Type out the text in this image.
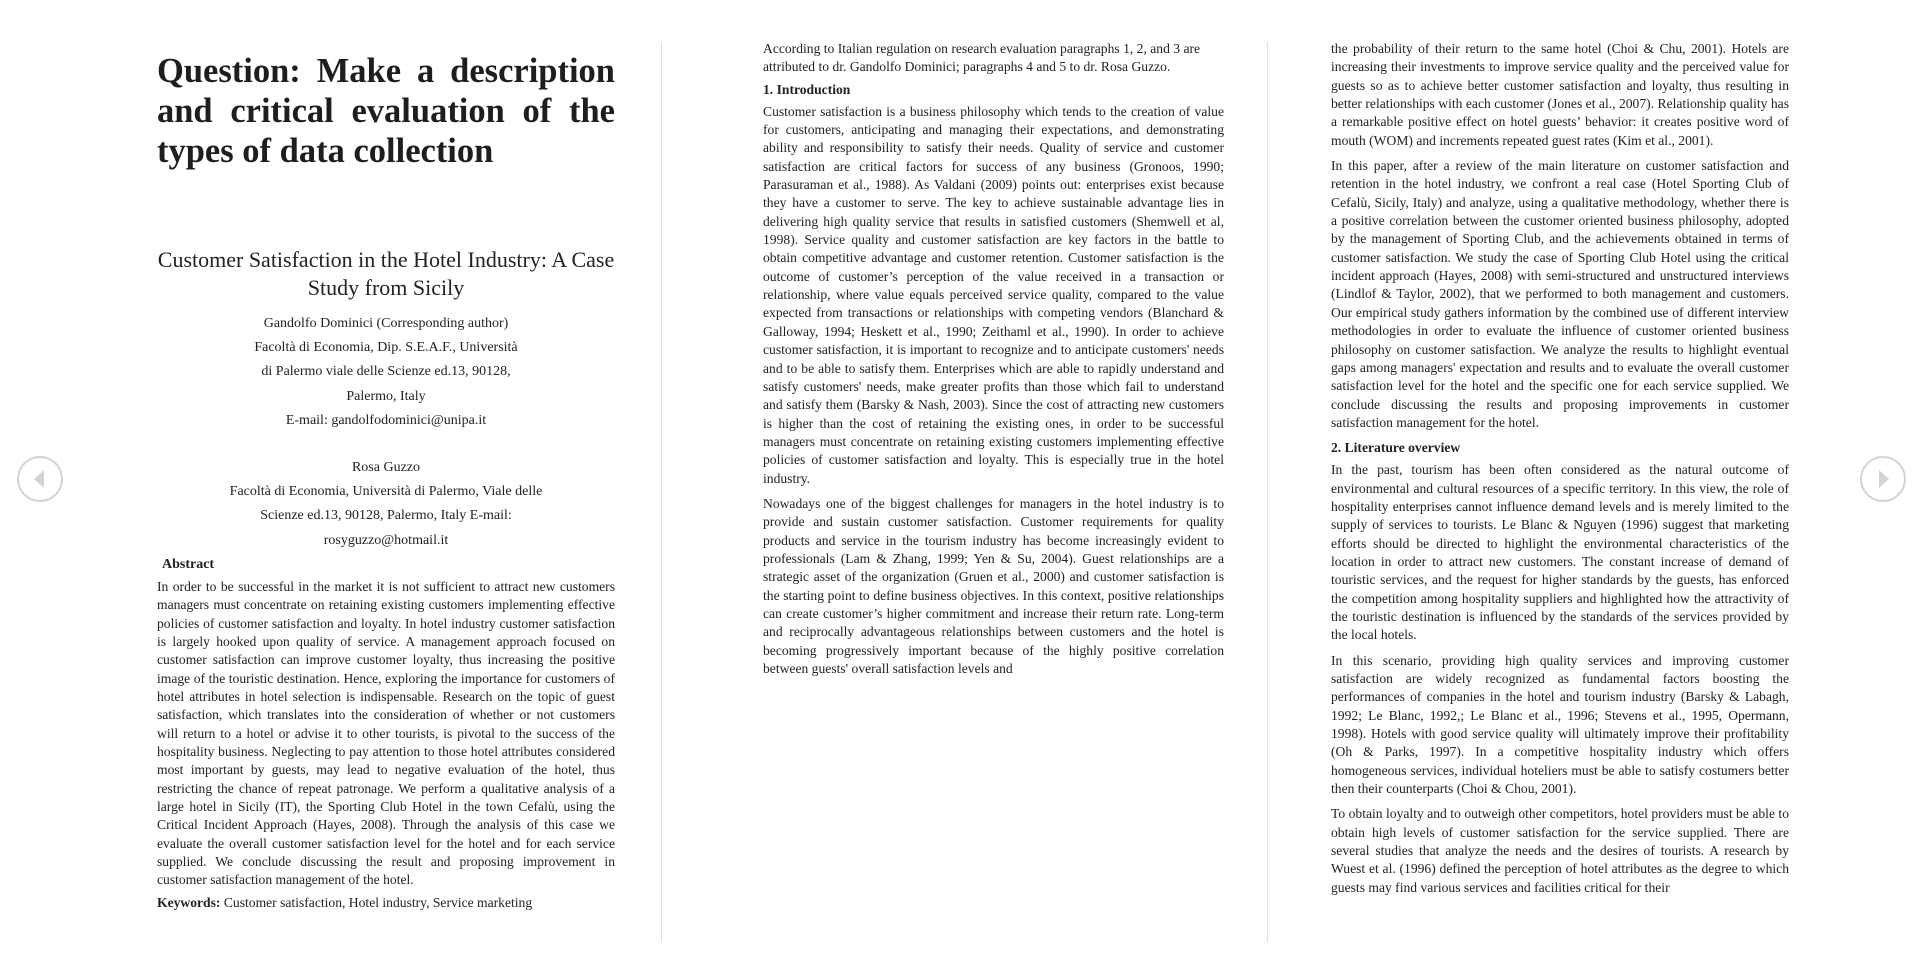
Question: Make a description and critical evaluation of the types of data collection
Customer Satisfaction in the Hotel Industry: A Case Study from Sicily
Gandolfo Dominici (Corresponding author)
Facoltà di Economia, Dip. S.E.A.F., Università
di Palermo viale delle Scienze ed.13, 90128,
Palermo, Italy
E-mail: gandolfodominici@unipa.it
Rosa Guzzo
Facoltà di Economia, Università di Palermo, Viale delle
Scienze ed.13, 90128, Palermo, Italy E-mail:
rosyguzzo@hotmail.it
Abstract

In order to be successful in the market it is not sufficient to attract new customers managers must concentrate on retaining existing customers implementing effective policies of customer satisfaction and loyalty. In hotel industry customer satisfaction is largely hooked upon quality of service. A management approach focused on customer satisfaction can improve customer loyalty, thus increasing the positive image of the touristic destination. Hence, exploring the importance for customers of hotel attributes in hotel selection is indispensable. Research on the topic of guest satisfaction, which translates into the consideration of whether or not customers will return to a hotel or advise it to other tourists, is pivotal to the success of the hospitality business. Neglecting to pay attention to those hotel attributes considered most important by guests, may lead to negative evaluation of the hotel, thus restricting the chance of repeat patronage. We perform a qualitative analysis of a large hotel in Sicily (IT), the Sporting Club Hotel in the town Cefalù, using the Critical Incident Approach (Hayes, 2008). Through the analysis of this case we evaluate the overall customer satisfaction level for the hotel and for each service supplied. We conclude discussing the result and proposing improvement in customer satisfaction management of the hotel.

Keywords: Customer satisfaction, Hotel industry, Service marketing

According to Italian regulation on research evaluation paragraphs 1, 2, and 3 are attributed to dr. Gandolfo Dominici; paragraphs 4 and 5 to dr. Rosa Guzzo.

1. Introduction

Customer satisfaction is a business philosophy which tends to the creation of value for customers, anticipating and managing their expectations, and demonstrating ability and responsibility to satisfy their needs. Quality of service and customer satisfaction are critical factors for success of any business (Gronoos, 1990; Parasuraman et al., 1988). As Valdani (2009) points out: enterprises exist because they have a customer to serve. The key to achieve sustainable advantage lies in delivering high quality service that results in satisfied customers (Shemwell et al, 1998). Service quality and customer satisfaction are key factors in the battle to obtain competitive advantage and customer retention. Customer satisfaction is the outcome of customer’s perception of the value received in a transaction or relationship, where value equals perceived service quality, compared to the value expected from transactions or relationships with competing vendors (Blanchard & Galloway, 1994; Heskett et al., 1990; Zeithaml et al., 1990). In order to achieve customer satisfaction, it is important to recognize and to anticipate customers' needs and to be able to satisfy them. Enterprises which are able to rapidly understand and satisfy customers' needs, make greater profits than those which fail to understand and satisfy them (Barsky & Nash, 2003). Since the cost of attracting new customers is higher than the cost of retaining the existing ones, in order to be successful managers must concentrate on retaining existing customers implementing effective policies of customer satisfaction and loyalty. This is especially true in the hotel industry.

Nowadays one of the biggest challenges for managers in the hotel industry is to provide and sustain customer satisfaction. Customer requirements for quality products and service in the tourism industry has become increasingly evident to professionals (Lam & Zhang, 1999; Yen & Su, 2004). Guest relationships are a strategic asset of the organization (Gruen et al., 2000) and customer satisfaction is the starting point to define business objectives. In this context, positive relationships can create customer’s higher commitment and increase their return rate. Long-term and reciprocally advantageous relationships between customers and the hotel is becoming progressively important because of the highly positive correlation between guests' overall satisfaction levels and

the probability of their return to the same hotel (Choi & Chu, 2001). Hotels are increasing their investments to improve service quality and the perceived value for guests so as to achieve better customer satisfaction and loyalty, thus resulting in better relationships with each customer (Jones et al., 2007). Relationship quality has a remarkable positive effect on hotel guests’ behavior: it creates positive word of mouth (WOM) and increments repeated guest rates (Kim et al., 2001).

In this paper, after a review of the main literature on customer satisfaction and retention in the hotel industry, we confront a real case (Hotel Sporting Club of Cefalù, Sicily, Italy) and analyze, using a qualitative methodology, whether there is a positive correlation between the customer oriented business philosophy, adopted by the management of Sporting Club, and the achievements obtained in terms of customer satisfaction. We study the case of Sporting Club Hotel using the critical incident approach (Hayes, 2008) with semi-structured and unstructured interviews (Lindlof & Taylor, 2002), that we performed to both management and customers. Our empirical study gathers information by the combined use of different interview methodologies in order to evaluate the influence of customer oriented business philosophy on customer satisfaction. We analyze the results to highlight eventual gaps among managers' expectation and results and to evaluate the overall customer satisfaction level for the hotel and the specific one for each service supplied. We conclude discussing the results and proposing improvements in customer satisfaction management for the hotel.

2. Literature overview

In the past, tourism has been often considered as the natural outcome of environmental and cultural resources of a specific territory. In this view, the role of hospitality enterprises cannot influence demand levels and is merely limited to the supply of services to tourists. Le Blanc & Nguyen (1996) suggest that marketing efforts should be directed to highlight the environmental characteristics of the location in order to attract new customers. The constant increase of demand of touristic services, and the request for higher standards by the guests, has enforced the competition among hospitality suppliers and highlighted how the attractivity of the touristic destination is influenced by the standards of the services provided by the local hotels.

In this scenario, providing high quality services and improving customer satisfaction are widely recognized as fundamental factors boosting the performances of companies in the hotel and tourism industry (Barsky & Labagh, 1992; Le Blanc, 1992,; Le Blanc et al., 1996; Stevens et al., 1995, Opermann, 1998). Hotels with good service quality will ultimately improve their profitability (Oh & Parks, 1997). In a competitive hospitality industry which offers homogeneous services, individual hoteliers must be able to satisfy costumers better then their counterparts (Choi & Chou, 2001).

To obtain loyalty and to outweigh other competitors, hotel providers must be able to obtain high levels of customer satisfaction for the service supplied. There are several studies that analyze the needs and the desires of tourists. A research by Wuest et al. (1996) defined the perception of hotel attributes as the degree to which guests may find various services and facilities critical for their
